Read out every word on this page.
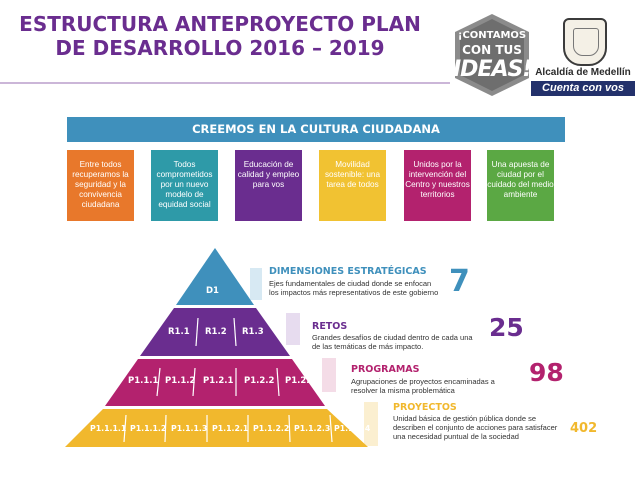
ESTRUCTURA ANTEPROYECTO PLAN
DE DESARROLLO 2016 – 2019
¡CONTAMOS
CON TUS
IDEAS! Alcaldía de Medellín
Cuenta con vos
CREEMOS EN LA CULTURA CIUDADANA
Entre todos recuperamos la seguridad y la convivencia ciudadana
Todos comprometidos por un nuevo modelo de equidad social
Educación de calidad y empleo para vos
Movilidad sostenible: una tarea de todos
Unidos por la intervención del Centro y nuestros territorios
Una apuesta de ciudad por el cuidado del medio ambiente
D1
R1.1 R1.2 R1.3
P1.1.1 P1.1.2 P1.2.1 P1.2.2 P1.2.3
P1.1.1.1 P1.1.1.2 P1.1.1.3 P1.1.2.1 P1.1.2.2 P1.1.2.3 P1.1.2.4
DIMENSIONES ESTRATÉGICAS
Ejes fundamentales de ciudad donde se enfocan los impactos más representativos de este gobierno 7
RETOS
Grandes desafíos de ciudad dentro de cada una de las temáticas de más impacto.
25
PROGRAMAS
Agrupaciones de proyectos encaminadas a resolver la misma problemática
98
PROYECTOS
Unidad básica de gestión pública donde se describen el conjunto de acciones para satisfacer una necesidad puntual de la sociedad
402
